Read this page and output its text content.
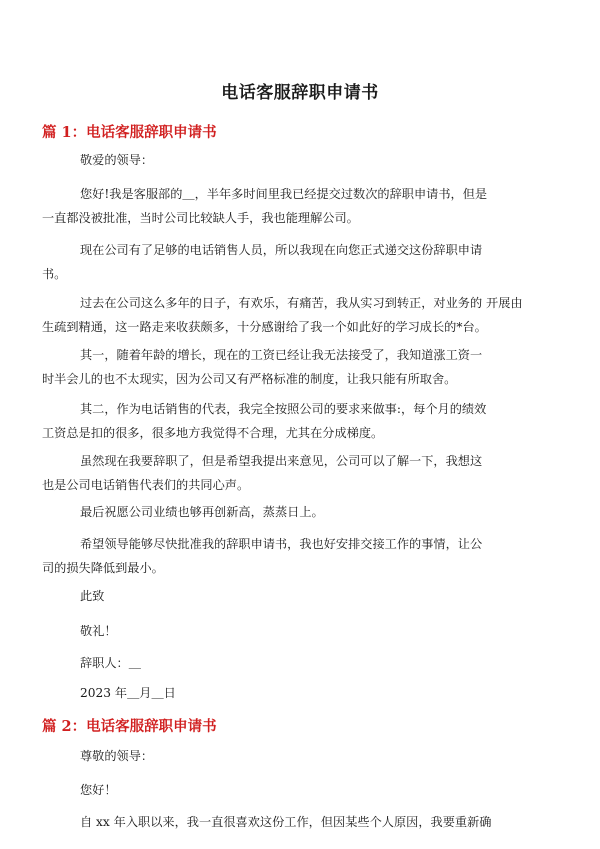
电话客服辞职申请书
篇 1：电话客服辞职申请书

敬爱的领导：

您好!我是客服部的＿，半年多时间里我已经提交过数次的辞职申请书，但是
一直都没被批准，当时公司比较缺人手，我也能理解公司。

现在公司有了足够的电话销售人员，所以我现在向您正式递交这份辞职申请
书。

过去在公司这么多年的日子，有欢乐，有痛苦，我从实习到转正，对业务的 开展由
生疏到精通，这一路走来收获颇多，十分感谢给了我一个如此好的学习成长的*台。

其一，随着年龄的增长，现在的工资已经让我无法接受了，我知道涨工资一
时半会儿的也不太现实，因为公司又有严格标准的制度，让我只能有所取舍。

其二，作为电话销售的代表，我完全按照公司的要求来做事:，每个月的绩效
工资总是扣的很多，很多地方我觉得不合理，尤其在分成梯度。

虽然现在我要辞职了，但是希望我提出来意见，公司可以了解一下，我想这
也是公司电话销售代表们的共同心声。

最后祝愿公司业绩也够再创新高，蒸蒸日上。

希望领导能够尽快批准我的辞职申请书，我也好安排交接工作的事情，让公
司的损失降低到最小。

此致

敬礼！

辞职人：＿

2023 年＿月＿日

篇 2：电话客服辞职申请书

尊敬的领导：

您好！

自 xx 年入职以来，我一直很喜欢这份工作，但因某些个人原因，我要重新确
